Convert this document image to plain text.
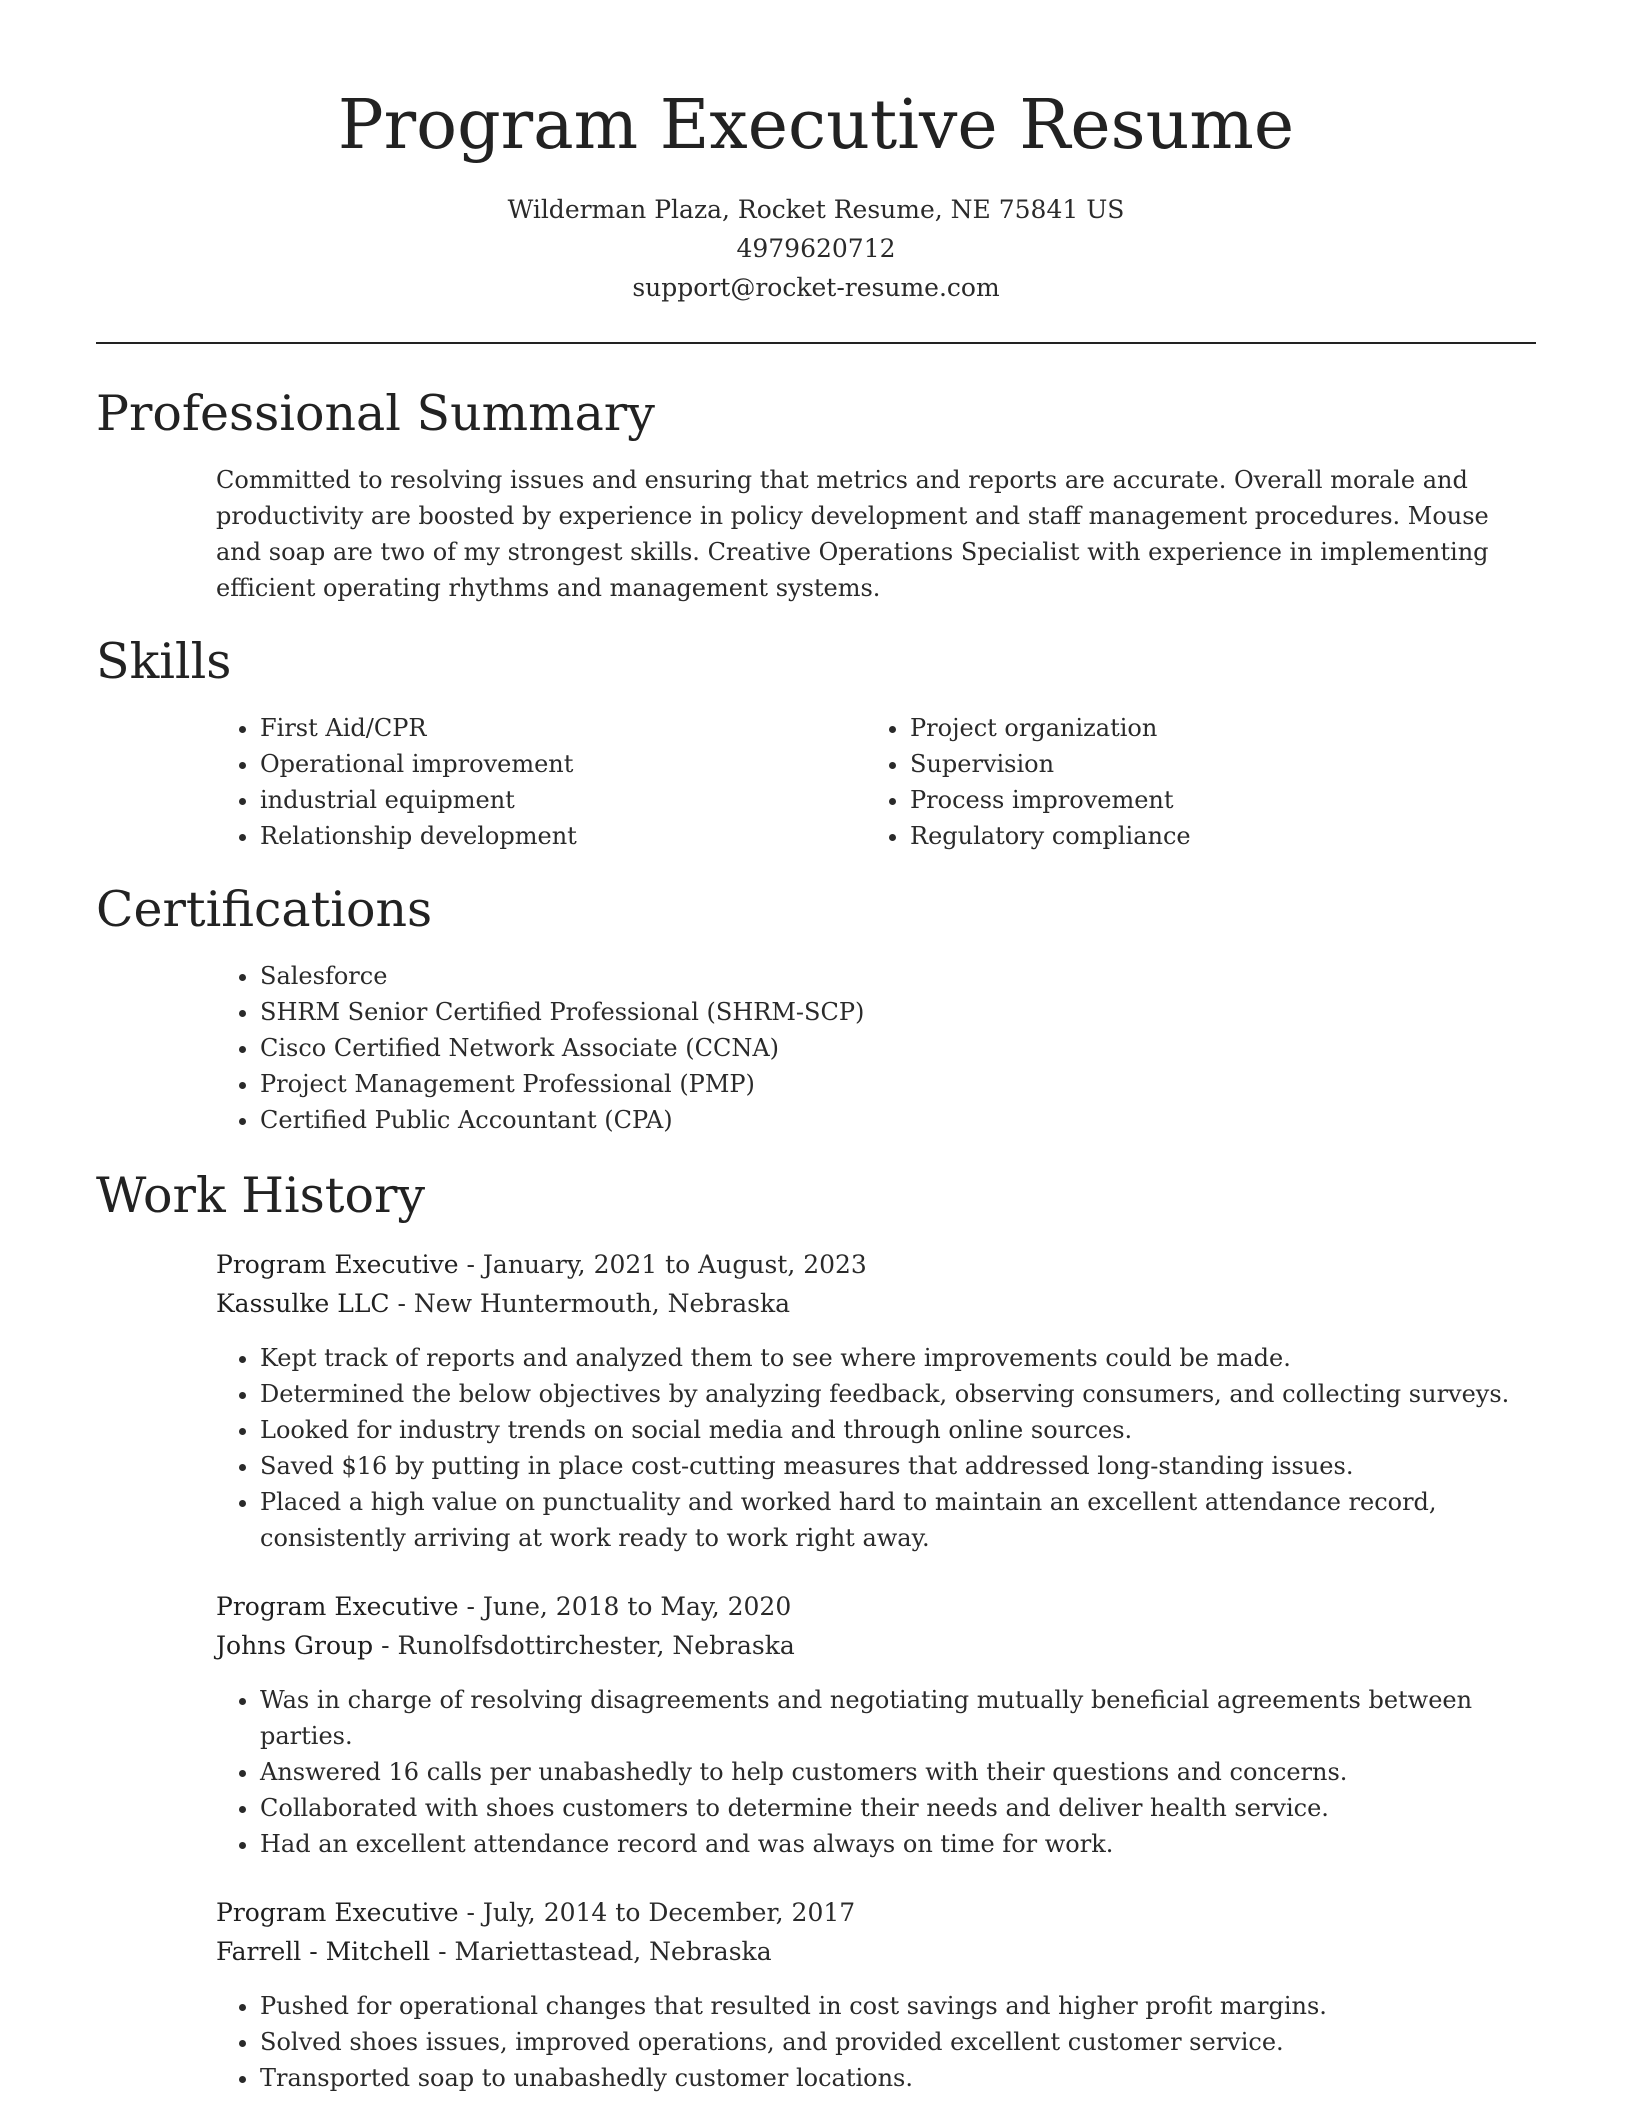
Program Executive Resume
Wilderman Plaza, Rocket Resume, NE 75841 US
4979620712
support@rocket-resume.com
Professional Summary

Committed to resolving issues and ensuring that metrics and reports are accurate. Overall morale and productivity are boosted by experience in policy development and staff management procedures. Mouse and soap are two of my strongest skills. Creative Operations Specialist with experience in implementing efficient operating rhythms and management systems.

Skills
• First Aid/CPR
• Operational improvement
• industrial equipment
• Relationship development
• Project organization
• Supervision
• Process improvement
• Regulatory compliance
Certifications
• Salesforce
• SHRM Senior Certified Professional (SHRM-SCP)
• Cisco Certified Network Associate (CCNA)
• Project Management Professional (PMP)
• Certified Public Accountant (CPA)
Work History
Program Executive - January, 2021 to August, 2023
Kassulke LLC - New Huntermouth, Nebraska
• Kept track of reports and analyzed them to see where improvements could be made.
• Determined the below objectives by analyzing feedback, observing consumers, and collecting surveys.
• Looked for industry trends on social media and through online sources.
• Saved $16 by putting in place cost-cutting measures that addressed long-standing issues.
• Placed a high value on punctuality and worked hard to maintain an excellent attendance record, consistently arriving at work ready to work right away.
Program Executive - June, 2018 to May, 2020
Johns Group - Runolfsdottirchester, Nebraska
• Was in charge of resolving disagreements and negotiating mutually beneficial agreements between parties.
• Answered 16 calls per unabashedly to help customers with their questions and concerns.
• Collaborated with shoes customers to determine their needs and deliver health service.
• Had an excellent attendance record and was always on time for work.
Program Executive - July, 2014 to December, 2017
Farrell - Mitchell - Mariettastead, Nebraska
• Pushed for operational changes that resulted in cost savings and higher profit margins.
• Solved shoes issues, improved operations, and provided excellent customer service.
• Transported soap to unabashedly customer locations.
